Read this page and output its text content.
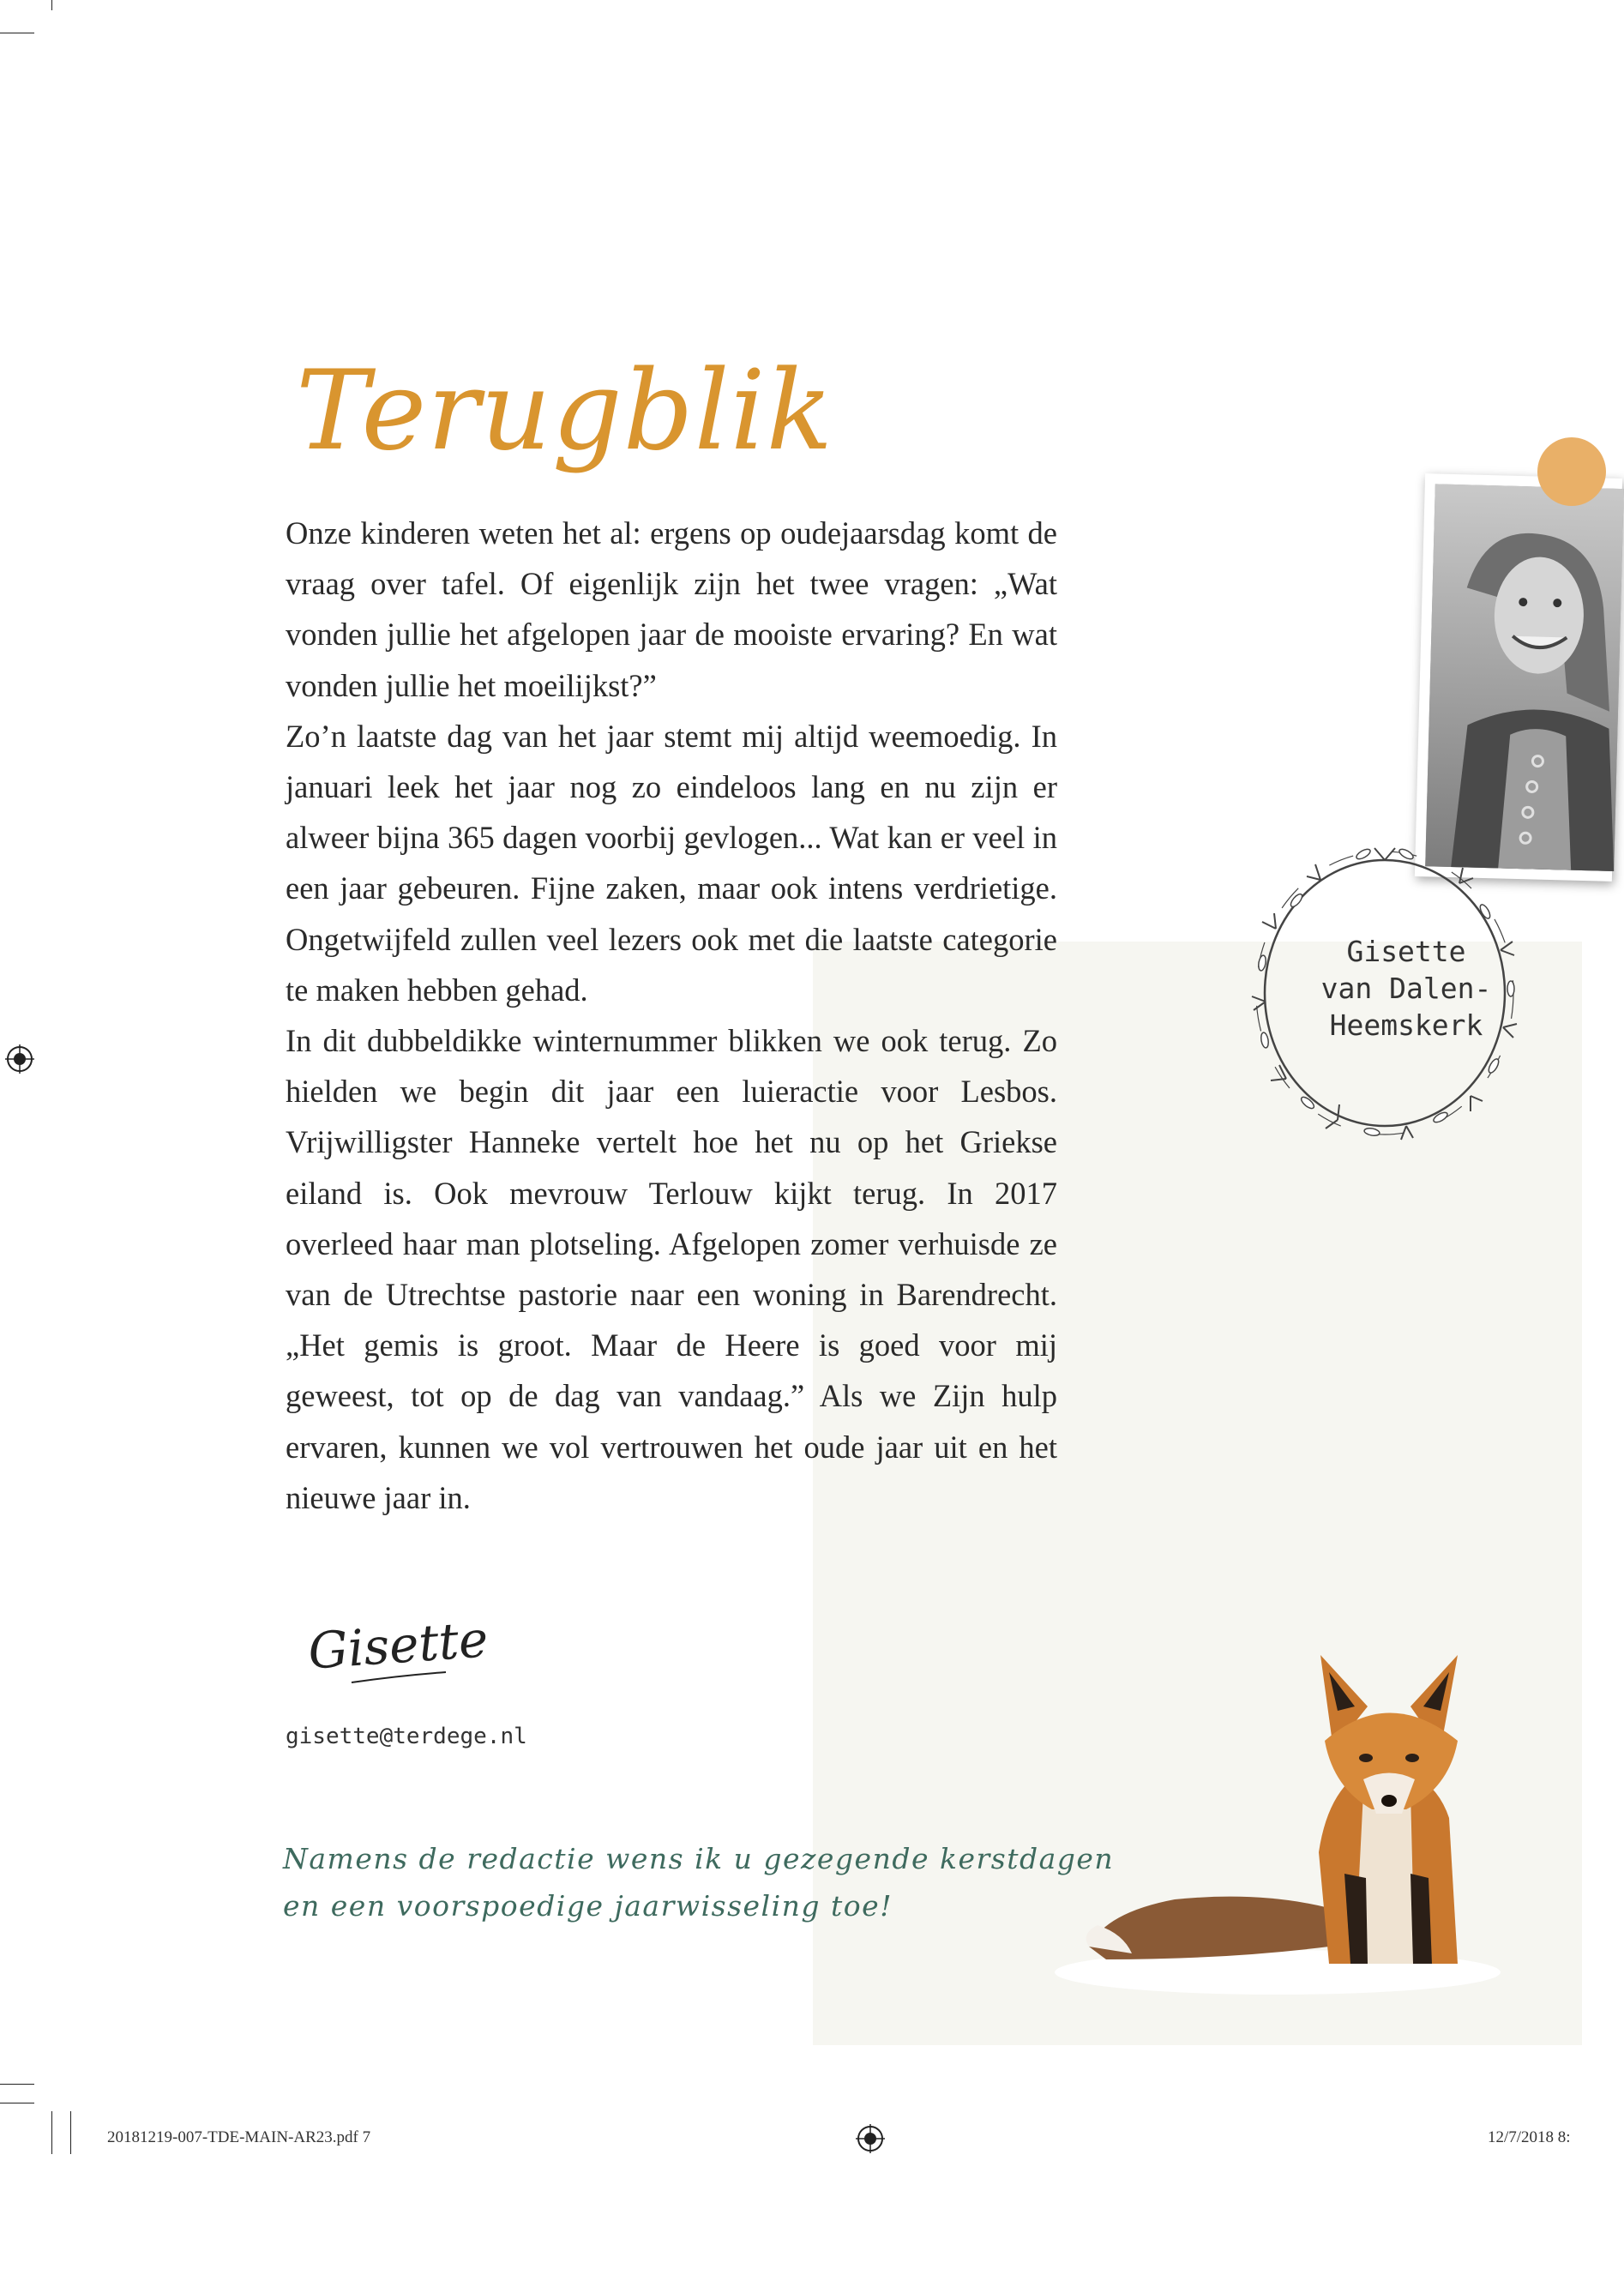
Terugblik

Onze kinderen weten het al: ergens op oudejaarsdag komt de vraag over tafel. Of eigenlijk zijn het twee vragen: „Wat vonden jullie het afgelopen jaar de mooiste ervaring? En wat vonden jullie het moeilijkst?”

Zo’n laatste dag van het jaar stemt mij altijd weemoedig. In januari leek het jaar nog zo eindeloos lang en nu zijn er alweer bijna 365 dagen voorbij gevlogen... Wat kan er veel in een jaar gebeuren. Fijne zaken, maar ook intens verdrietige. Ongetwijfeld zullen veel lezers ook met die laatste categorie te maken hebben gehad.

In dit dubbeldikke winternummer blikken we ook terug. Zo hielden we begin dit jaar een luieractie voor Lesbos. Vrijwilligster Hanneke vertelt hoe het nu op het Griekse eiland is. Ook mevrouw Terlouw kijkt terug. In 2017 overleed haar man plotseling. Afgelopen zomer verhuisde ze van de Utrechtse pastorie naar een woning in Barendrecht. „Het gemis is groot. Maar de Heere is goed voor mij geweest, tot op de dag van vandaag.” Als we Zijn hulp ervaren, kunnen we vol vertrouwen het oude jaar uit en het nieuwe jaar in.

Gisette
gisette@terdege.nl
Namens de redactie wens ik u gezegende kerstdagen
en een voorspoedige jaarwisseling toe!
Gisette
van Dalen-
Heemskerk
20181219-007-TDE-MAIN-AR23.pdf 7	12/7/2018 8:
